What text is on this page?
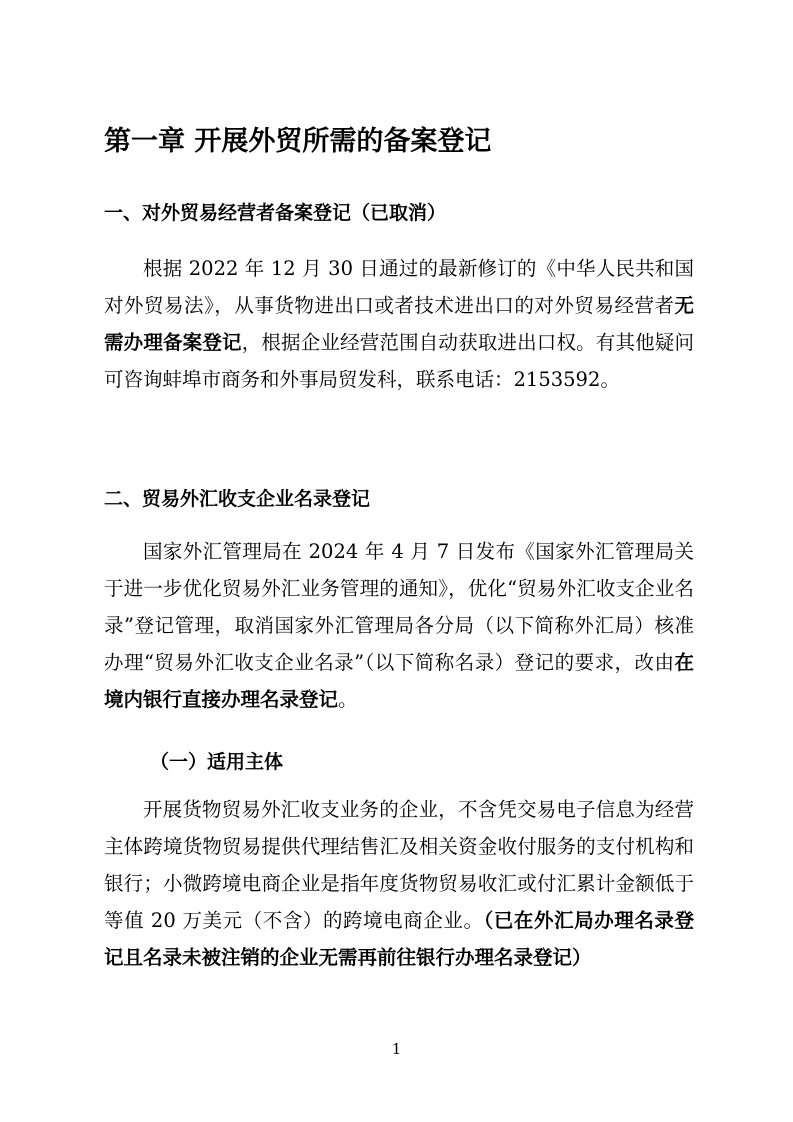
第一章 开展外贸所需的备案登记
一、对外贸易经营者备案登记（已取消）

根据 2022 年 12 月 30 日通过的最新修订的《中华人民共和国对外贸易法》，从事货物进出口或者技术进出口的对外贸易经营者无需办理备案登记，根据企业经营范围自动获取进出口权。有其他疑问可咨询蚌埠市商务和外事局贸发科，联系电话：2153592。

二、贸易外汇收支企业名录登记

国家外汇管理局在 2024 年 4 月 7 日发布《国家外汇管理局关于进一步优化贸易外汇业务管理的通知》，优化“贸易外汇收支企业名录”登记管理，取消国家外汇管理局各分局（以下简称外汇局）核准办理“贸易外汇收支企业名录”（以下简称名录）登记的要求，改由在境内银行直接办理名录登记。

（一）适用主体

开展货物贸易外汇收支业务的企业，不含凭交易电子信息为经营主体跨境货物贸易提供代理结售汇及相关资金收付服务的支付机构和银行；小微跨境电商企业是指年度货物贸易收汇或付汇累计金额低于等值 20 万美元（不含）的跨境电商企业。（已在外汇局办理名录登记且名录未被注销的企业无需再前往银行办理名录登记）

1
